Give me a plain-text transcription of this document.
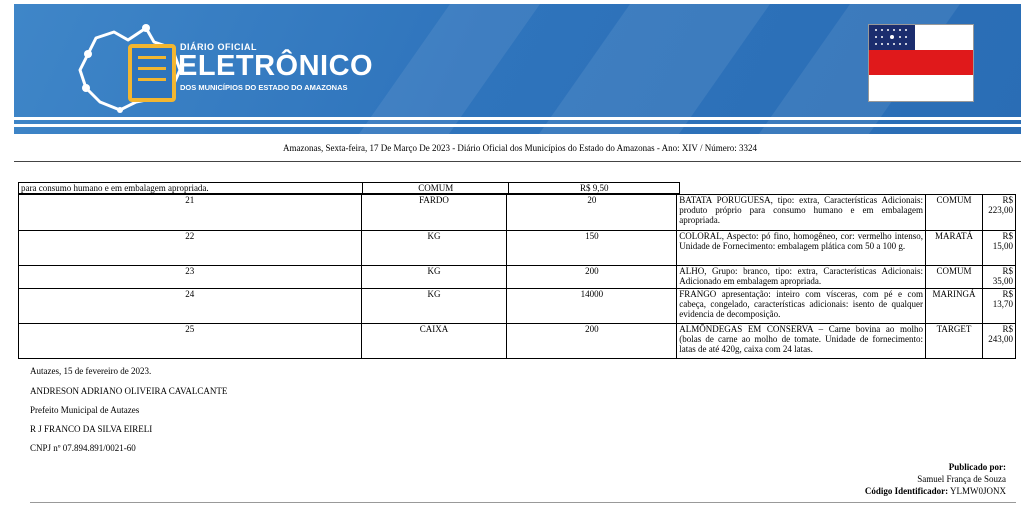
DIÁRIO OFICIAL
ELETRÔNICO
DOS MUNICÍPIOS DO ESTADO DO AMAZONAS
Amazonas, Sexta-feira, 17 De Março De 2023 - Diário Oficial dos Municípios do Estado do Amazonas - Ano: XIV / Número: 3324
para consumo humano e em embalagem apropriada.	COMUM	R$ 9,50
21	FARDO	20	BATATA PORUGUESA, tipo: extra, Características Adicionais: produto próprio para consumo humano e em embalagem apropriada.	COMUM	R$ 223,00
22	KG	150	COLORAL, Aspecto: pó fino, homogêneo, cor: vermelho intenso, Unidade de Fornecimento: embalagem plática com 50 a 100 g.	MARATÁ	R$ 15,00
23	KG	200	ALHO, Grupo: branco, tipo: extra, Características Adicionais: Adicionado em embalagem apropriada.	COMUM	R$ 35,00
24	KG	14000	FRANGO apresentação: inteiro com vísceras, com pé e com cabeça, congelado, características adicionais: isento de qualquer evidencia de decomposição.	MARINGÁ	R$ 13,70
25	CAIXA	200	ALMÔNDEGAS EM CONSERVA – Carne bovina ao molho (bolas de carne ao molho de tomate. Unidade de fornecimento: latas de até 420g, caixa com 24 latas.	TARGET	R$ 243,00
Autazes, 15 de fevereiro de 2023.
ANDRESON ADRIANO OLIVEIRA CAVALCANTE
Prefeito Municipal de Autazes
R J FRANCO DA SILVA EIRELI
CNPJ nº 07.894.891/0021-60
Publicado por:
Samuel França de Souza
Código Identificador: YLMW0JONX
